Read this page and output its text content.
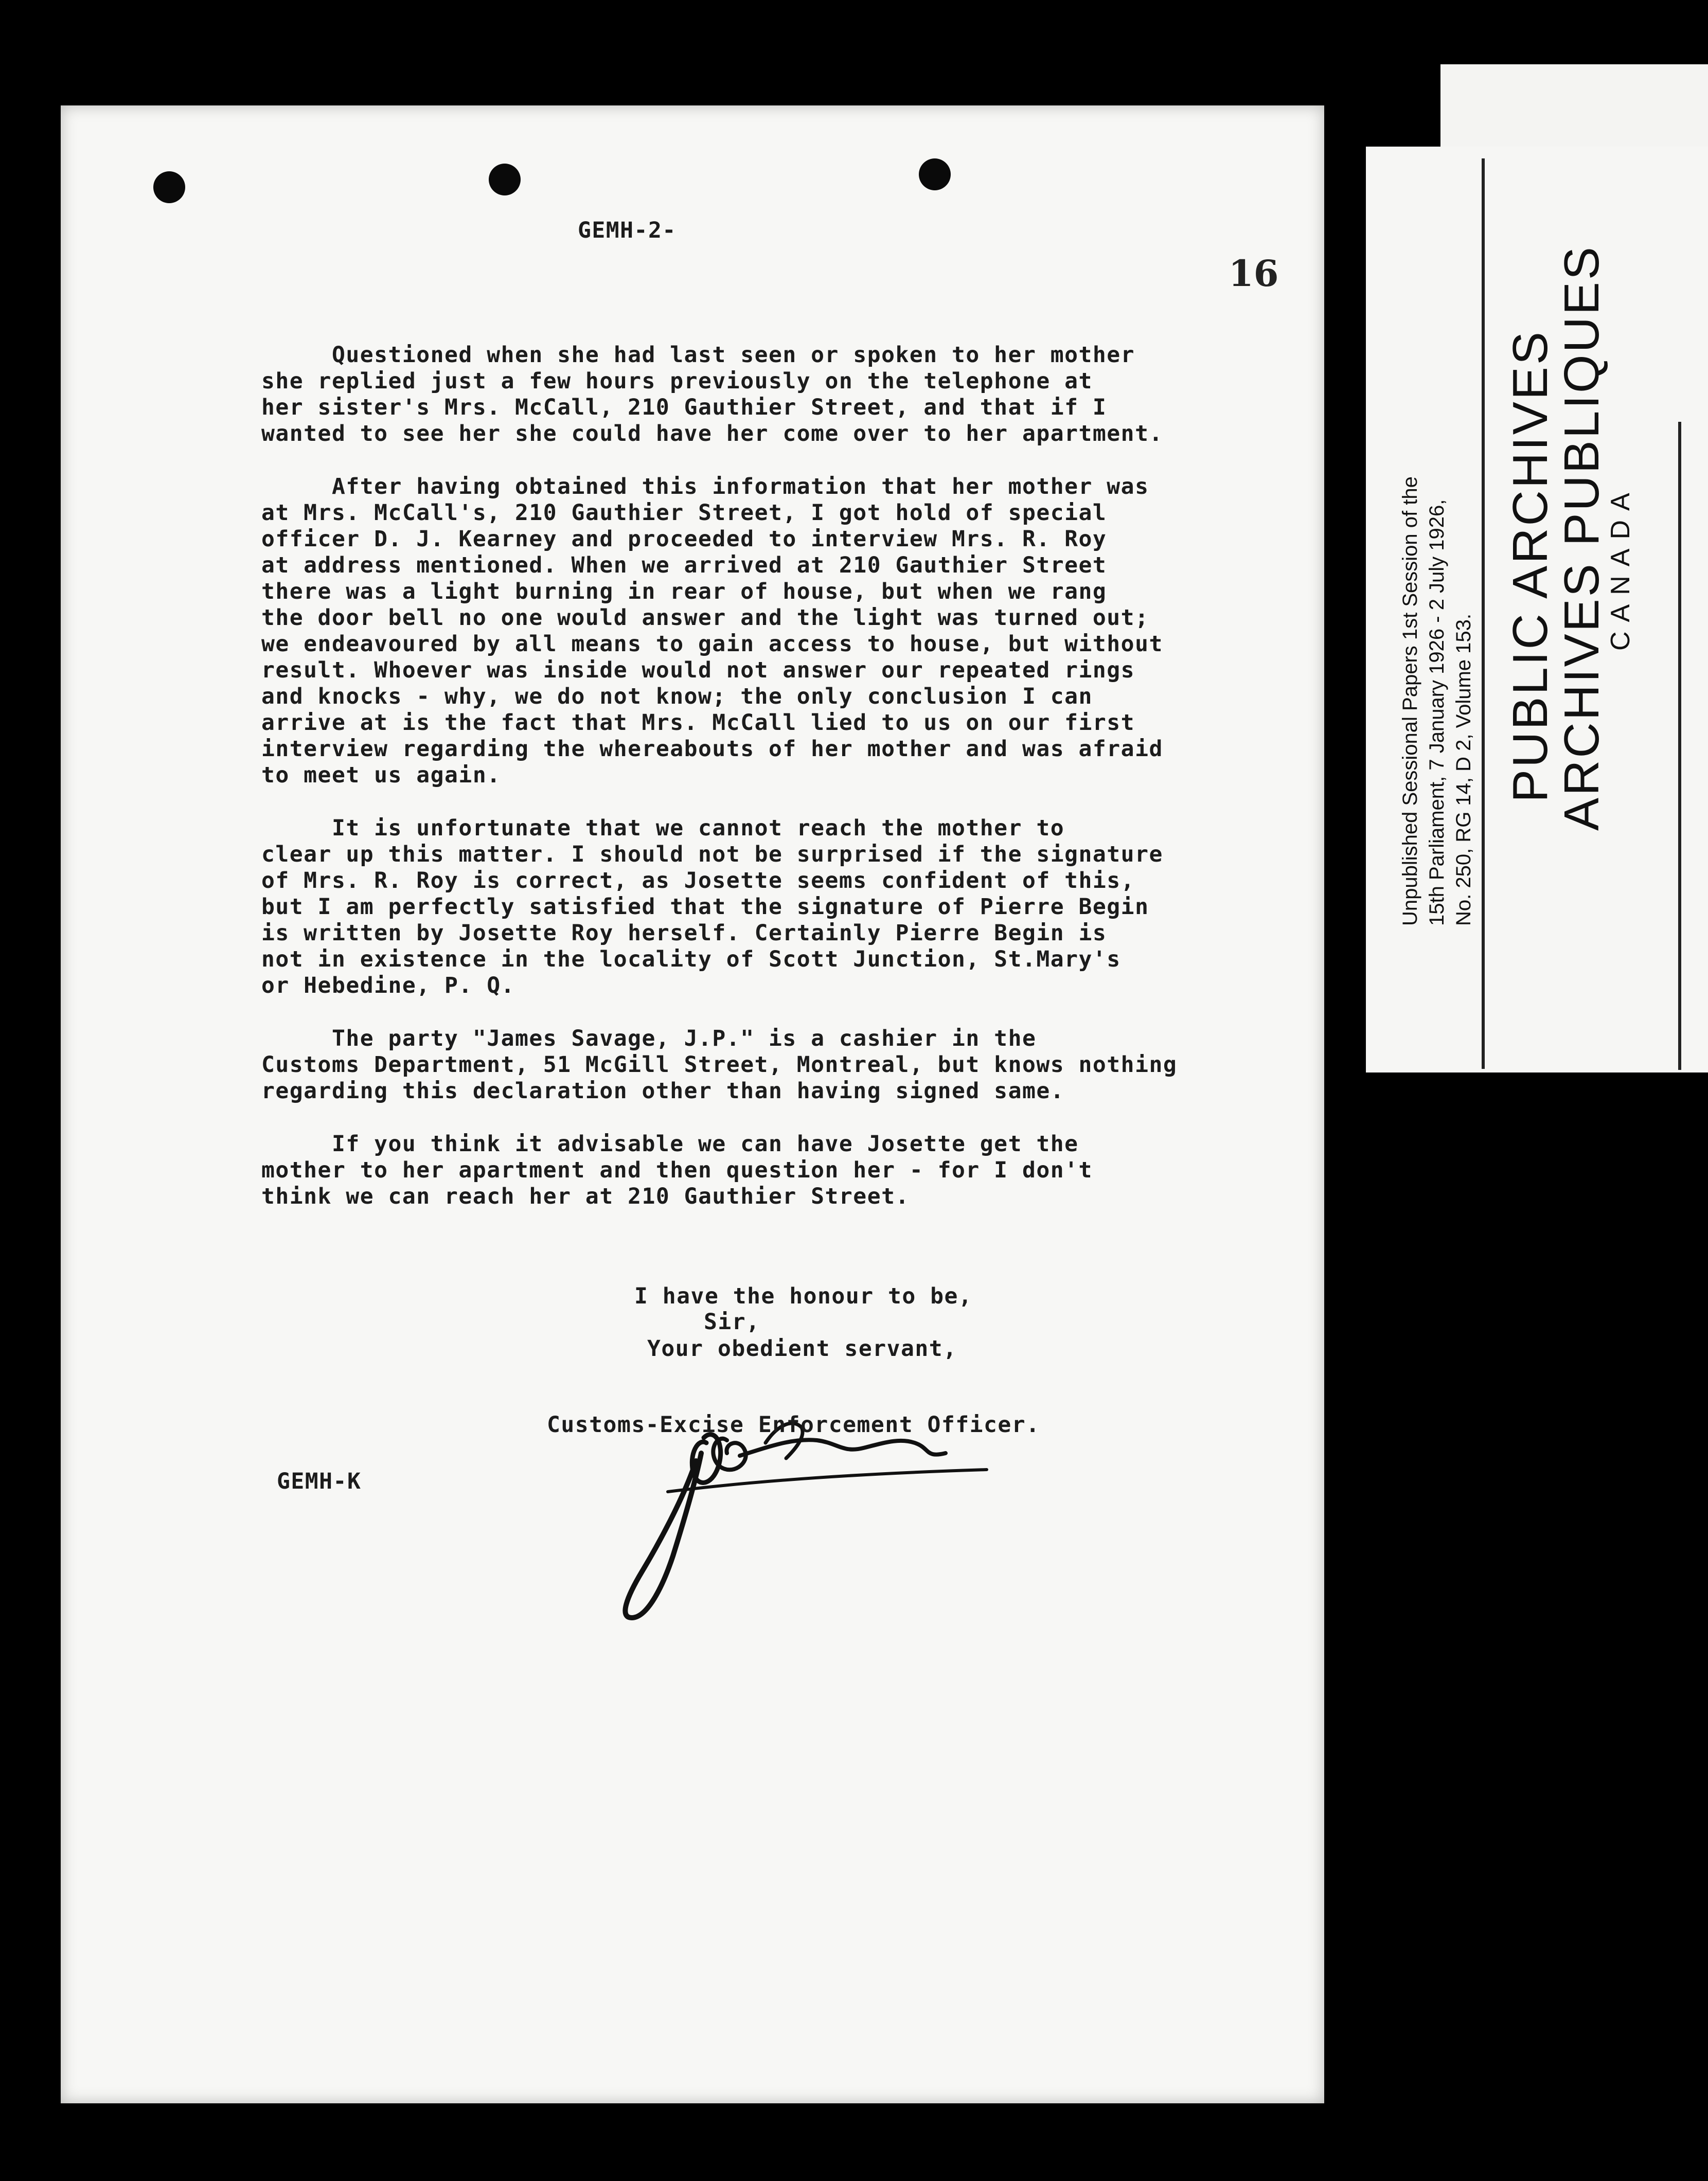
Unpublished Sessional Papers 1st Session of the 15th Parliament, 7 January 1926 - 2 July 1926, No. 250, RG 14, D 2, Volume 153. PUBLIC ARCHIVES
ARCHIVES PUBLIQUES
CANADA
GEMH-2-
16
Questioned when she had last seen or spoken to her mother
she replied just a few hours previously on the telephone at
her sister's Mrs. McCall, 210 Gauthier Street, and that if I
wanted to see her she could have her come over to her apartment.
After having obtained this information that her mother was
at Mrs. McCall's, 210 Gauthier Street, I got hold of special
officer D. J. Kearney and proceeded to interview Mrs. R. Roy
at address mentioned. When we arrived at 210 Gauthier Street
there was a light burning in rear of house, but when we rang
the door bell no one would answer and the light was turned out;
we endeavoured by all means to gain access to house, but without
result. Whoever was inside would not answer our repeated rings
and knocks - why, we do not know; the only conclusion I can
arrive at is the fact that Mrs. McCall lied to us on our first
interview regarding the whereabouts of her mother and was afraid
to meet us again.
It is unfortunate that we cannot reach the mother to
clear up this matter. I should not be surprised if the signature
of Mrs. R. Roy is correct, as Josette seems confident of this,
but I am perfectly satisfied that the signature of Pierre Begin
is written by Josette Roy herself. Certainly Pierre Begin is
not in existence in the locality of Scott Junction, St.Mary's
or Hebedine, P. Q.
The party "James Savage, J.P." is a cashier in the
Customs Department, 51 McGill Street, Montreal, but knows nothing
regarding this declaration other than having signed same.
If you think it advisable we can have Josette get the
mother to her apartment and then question her - for I don't
think we can reach her at 210 Gauthier Street.
I have the honour to be,
Sir,
Your obedient servant,
Customs-Excise Enforcement Officer.
GEMH-K
